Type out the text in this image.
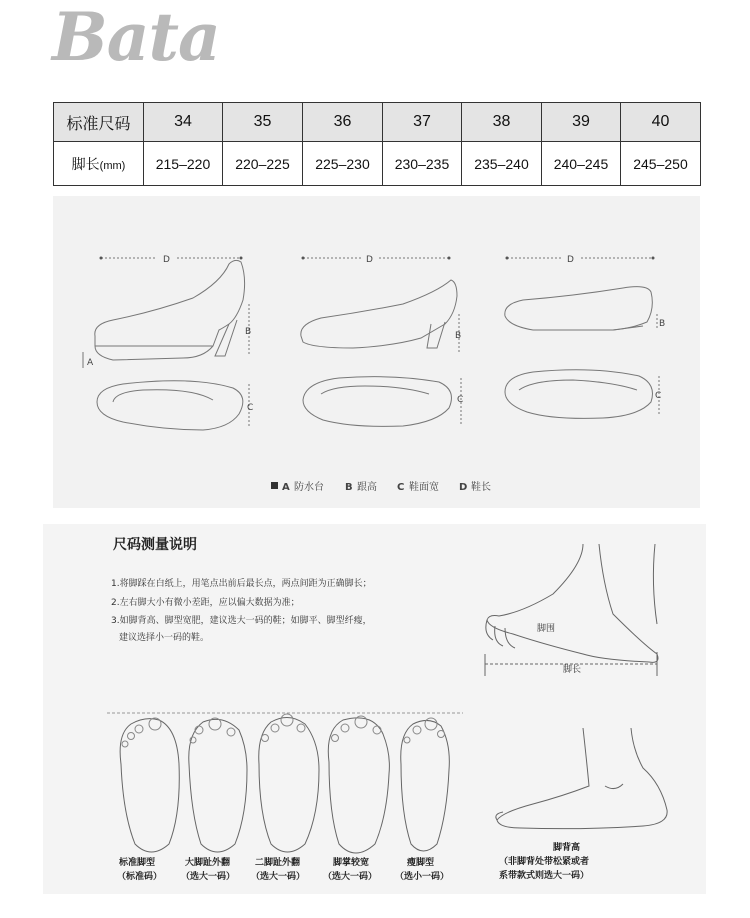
Bata
标准尺码	34	35	36	37	38	39	40
脚长(mm)	215–220	220–225	225–230	230–235	235–240	240–245	245–250
D	D	D
B	B
B
A
C
C	C
A 防水台 B 跟高 C 鞋面宽 D 鞋长
尺码测量说明
1.将脚踩在白纸上，用笔点出前后最长点，两点间距为正确脚长；
2.左右脚大小有微小差距，应以偏大数据为准；
3.如脚背高、脚型宽肥，建议选大一码的鞋；如脚平、脚型纤瘦，
建议选择小一码的鞋。
脚围
脚长
标准脚型
（标准码）
大脚趾外翻
（选大一码）
二脚趾外翻
（选大一码）
脚掌较宽
（选大一码）
瘦脚型
（选小一码）
脚背高
（非脚背处带松紧或者
系带款式则选大一码）
